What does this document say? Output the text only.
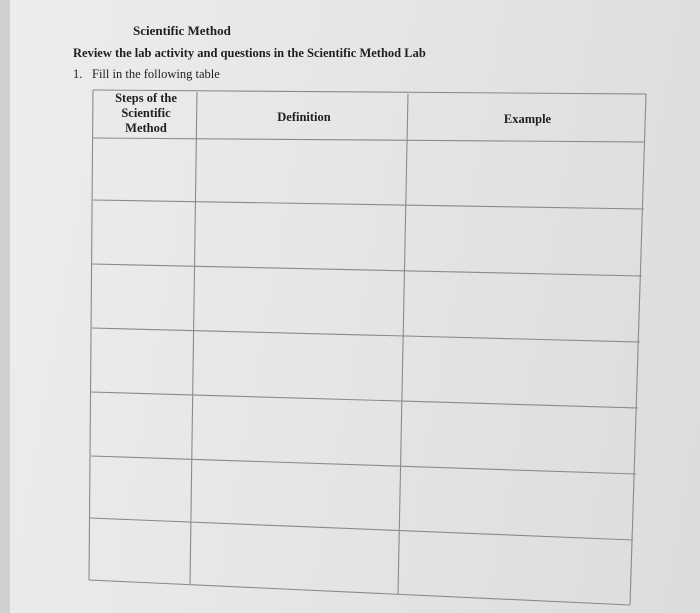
Scientific Method
Review the lab activity and questions in the Scientific Method Lab
1. Fill in the following table
Steps of the
Scientific
Method
Definition	Example
